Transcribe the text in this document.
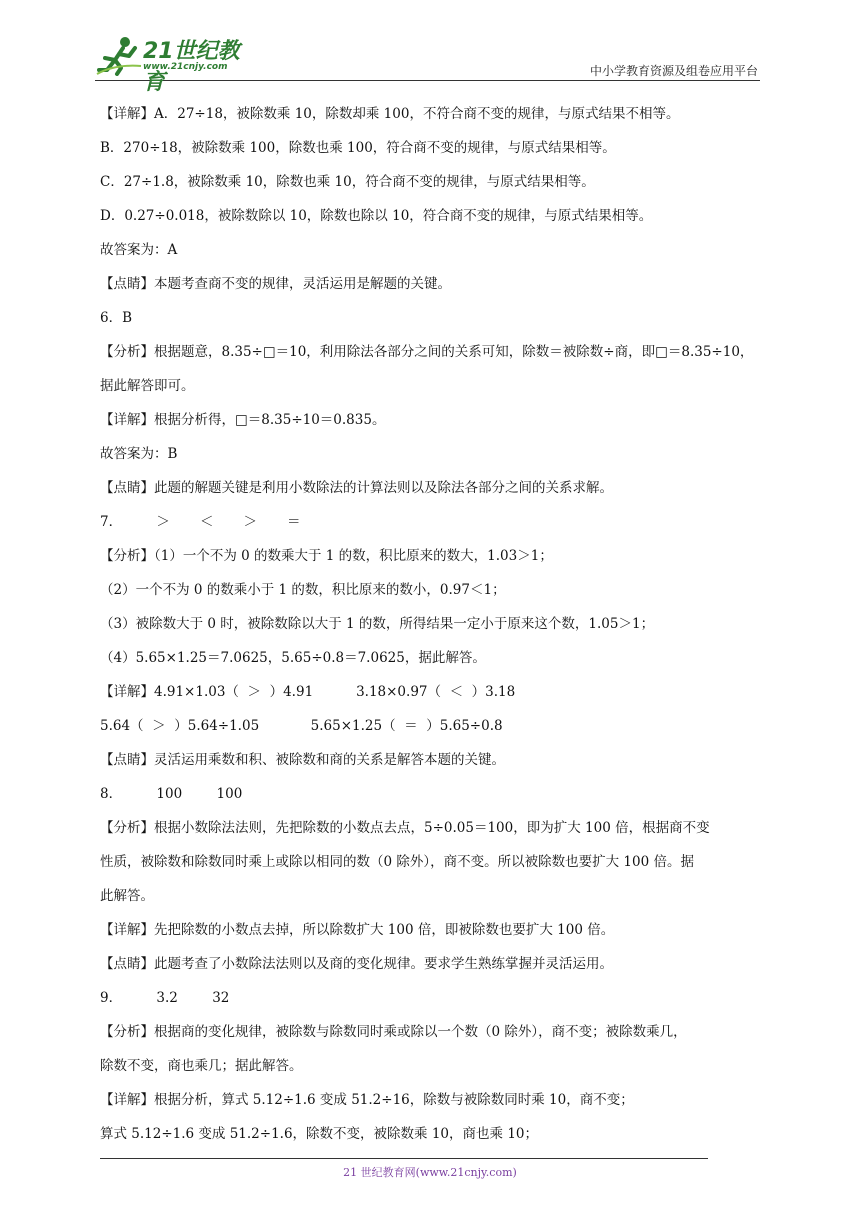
21世纪教育
www.21cnjy.com	中小学教育资源及组卷应用平台
【详解】A．27÷18，被除数乘 10，除数却乘 100，不符合商不变的规律，与原式结果不相等。
B．270÷18，被除数乘 100，除数也乘 100，符合商不变的规律，与原式结果相等。
C．27÷1.8，被除数乘 10，除数也乘 10，符合商不变的规律，与原式结果相等。
D．0.27÷0.018，被除数除以 10，除数也除以 10，符合商不变的规律，与原式结果相等。
故答案为：A
【点睛】本题考查商不变的规律，灵活运用是解题的关键。
6．B
【分析】根据题意，8.35÷□＝10，利用除法各部分之间的关系可知，除数＝被除数÷商，即□＝8.35÷10，
据此解答即可。
【详解】根据分析得，□＝8.35÷10＝0.835。
故答案为：B
【点睛】此题的解题关键是利用小数除法的计算法则以及除法各部分之间的关系求解。
7．        ＞       ＜       ＞       ＝
【分析】（1）一个不为 0 的数乘大于 1 的数，积比原来的数大，1.03＞1；
（2）一个不为 0 的数乘小于 1 的数，积比原来的数小，0.97＜1；
（3）被除数大于 0 时，被除数除以大于 1 的数，所得结果一定小于原来这个数，1.05＞1；
（4）5.65×1.25＝7.0625，5.65÷0.8＝7.0625，据此解答。
【详解】4.91×1.03（  ＞  ）4.91          3.18×0.97（  ＜  ）3.18
5.64（  ＞  ）5.64÷1.05            5.65×1.25（  ＝  ）5.65÷0.8
【点睛】灵活运用乘数和积、被除数和商的关系是解答本题的关键。
8．        100        100
【分析】根据小数除法法则，先把除数的小数点去点，5÷0.05＝100，即为扩大 100 倍，根据商不变
性质，被除数和除数同时乘上或除以相同的数（0 除外），商不变。所以被除数也要扩大 100 倍。据
此解答。
【详解】先把除数的小数点去掉，所以除数扩大 100 倍，即被除数也要扩大 100 倍。
【点睛】此题考查了小数除法法则以及商的变化规律。要求学生熟练掌握并灵活运用。
9．        3.2        32
【分析】根据商的变化规律，被除数与除数同时乘或除以一个数（0 除外），商不变；被除数乘几，
除数不变，商也乘几；据此解答。
【详解】根据分析，算式 5.12÷1.6 变成 51.2÷16，除数与被除数同时乘 10，商不变；
算式 5.12÷1.6 变成 51.2÷1.6，除数不变，被除数乘 10，商也乘 10；
21 世纪教育网(www.21cnjy.com)
